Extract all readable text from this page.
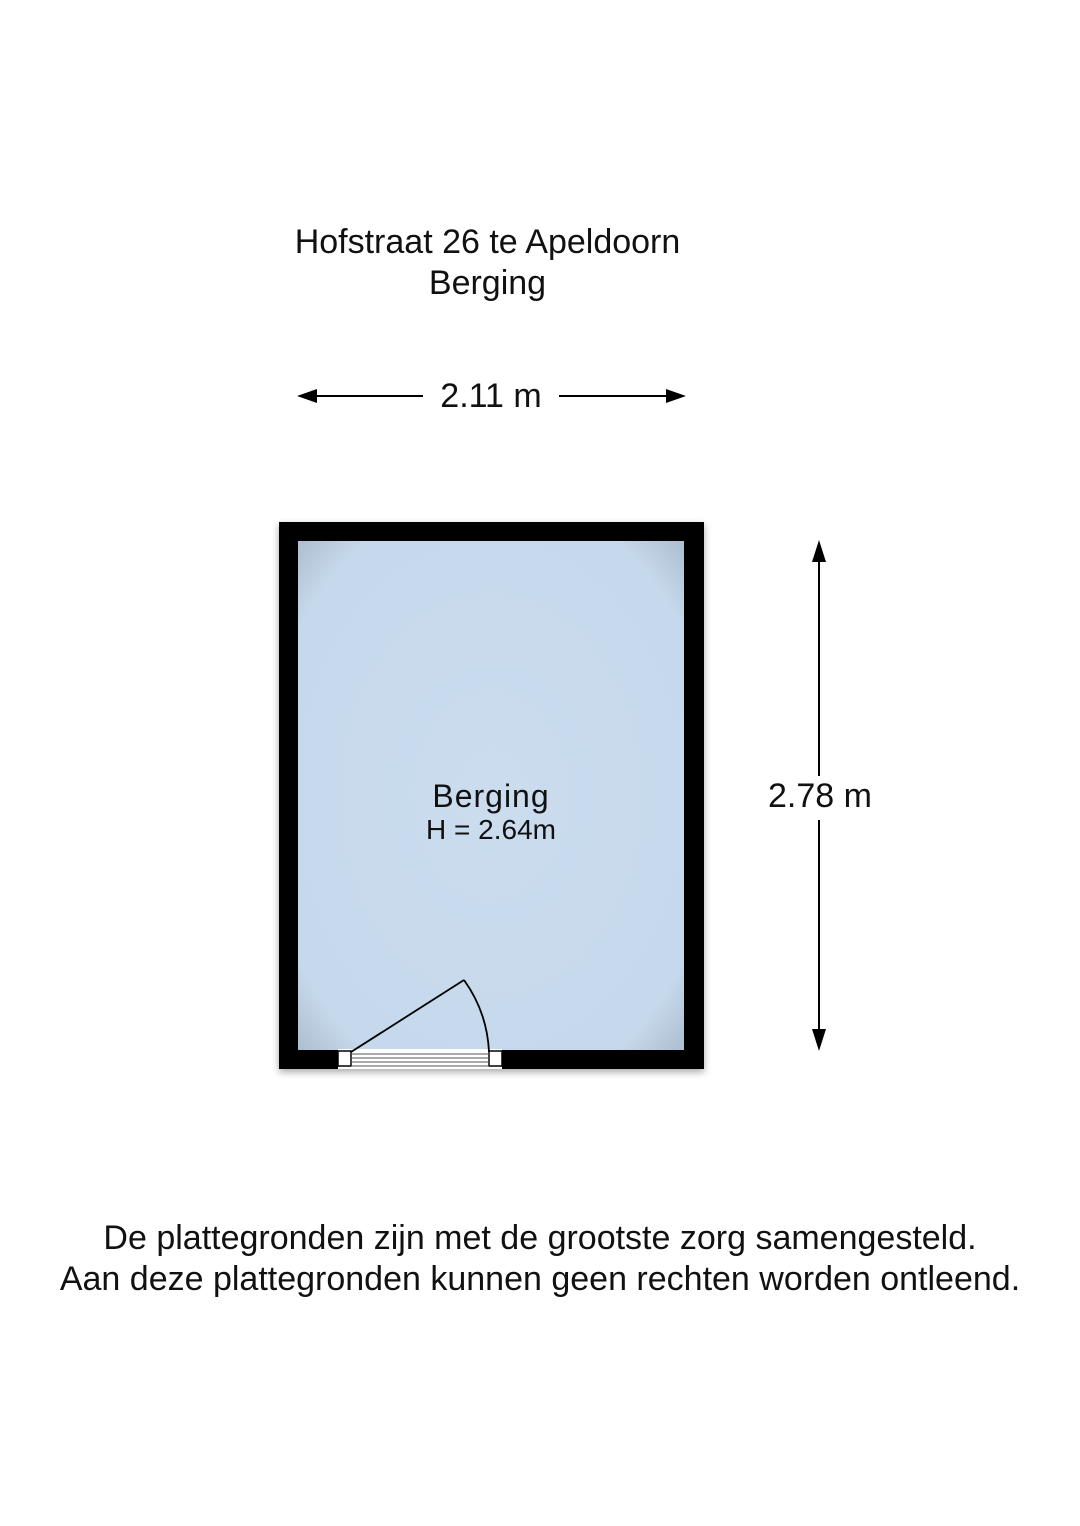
Hofstraat 26 te Apeldoorn
Berging
2.11 m
2.78 m
Berging
H = 2.64m
De plattegronden zijn met de grootste zorg samengesteld.
Aan deze plattegronden kunnen geen rechten worden ontleend.
